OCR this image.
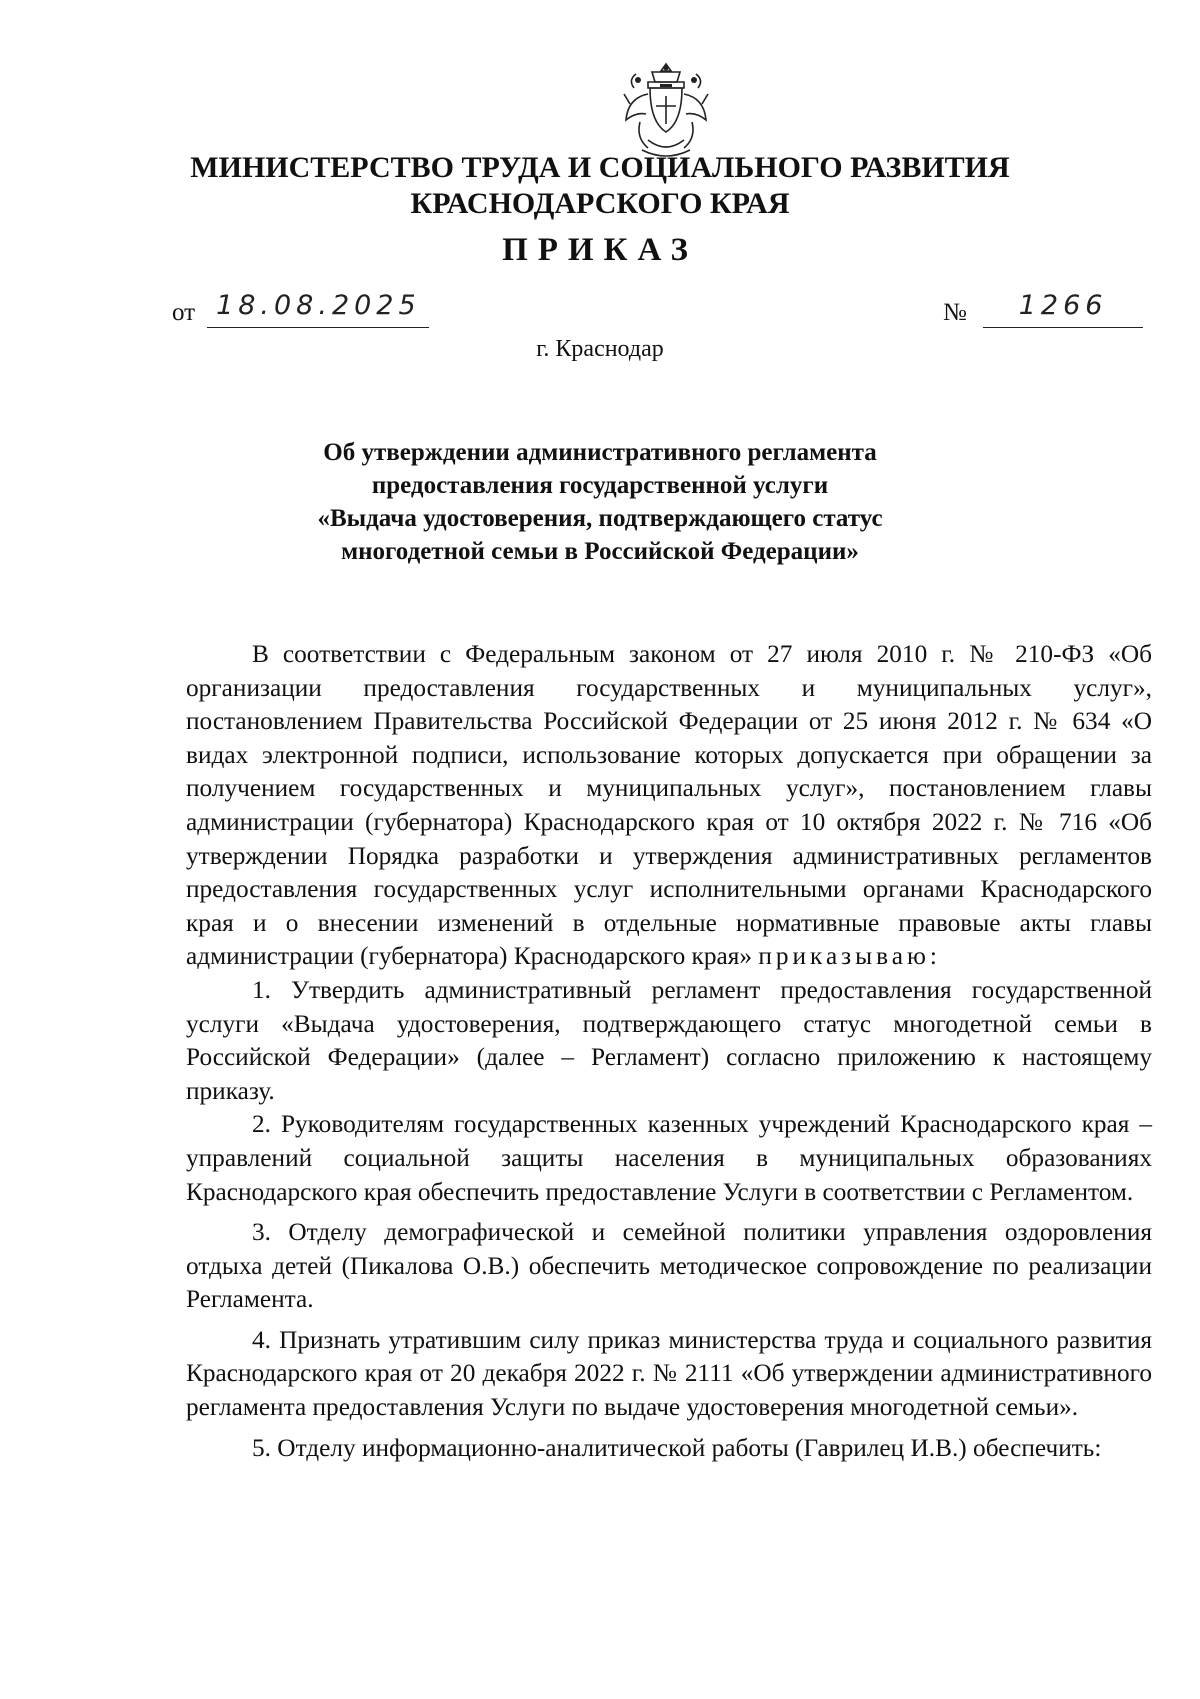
МИНИСТЕРСТВО ТРУДА И СОЦИАЛЬНОГО РАЗВИТИЯ
КРАСНОДАРСКОГО КРАЯ
ПРИКАЗ
от 18.08.2025	№ 1266
г. Краснодар
Об утверждении административного регламента
предоставления государственной услуги
«Выдача удостоверения, подтверждающего статус
многодетной семьи в Российской Федерации»

В соответствии с Федеральным законом от 27 июля 2010 г. № 210-ФЗ «Об организации предоставления государственных и муниципальных услуг», постановлением Правительства Российской Федерации от 25 июня 2012 г. № 634 «О видах электронной подписи, использование которых допускается при обращении за получением государственных и муниципальных услуг», постановлением главы администрации (губернатора) Краснодарского края от 10 октября 2022 г. № 716 «Об утверждении Порядка разработки и утверждения административных регламентов предоставления государственных услуг исполнительными органами Краснодарского края и о внесении изменений в отдельные нормативные правовые акты главы администрации (губернатора) Краснодарского края» приказываю:

1. Утвердить административный регламент предоставления государственной услуги «Выдача удостоверения, подтверждающего статус многодетной семьи в Российской Федерации» (далее – Регламент) согласно приложению к настоящему приказу.

2. Руководителям государственных казенных учреждений Краснодарского края – управлений социальной защиты населения в муниципальных образованиях Краснодарского края обеспечить предоставление Услуги в соответствии с Регламентом.

3. Отделу демографической и семейной политики управления оздоровления отдыха детей (Пикалова О.В.) обеспечить методическое сопровождение по реализации Регламента.

4. Признать утратившим силу приказ министерства труда и социального развития Краснодарского края от 20 декабря 2022 г. № 2111 «Об утверждении административного регламента предоставления Услуги по выдаче удостоверения многодетной семьи».

5. Отделу информационно-аналитической работы (Гаврилец И.В.) обеспечить:
